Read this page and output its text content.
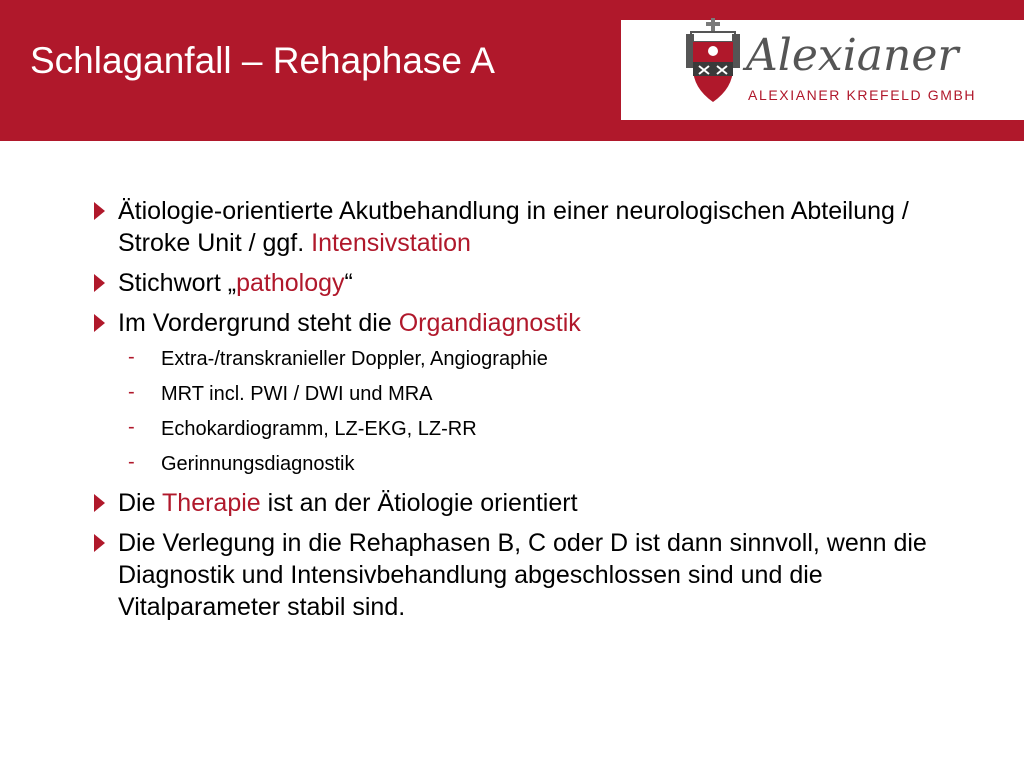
Schlaganfall – Rehaphase A	Alexianer
ALEXIANER KREFELD GMBH
Ätiologie-orientierte Akutbehandlung in einer neurologischen Abteilung / Stroke Unit / ggf. Intensivstation
Stichwort „pathology“
Im Vordergrund steht die Organdiagnostik
- Extra-/transkranieller Doppler, Angiographie
- MRT incl. PWI / DWI und MRA
- Echokardiogramm, LZ-EKG, LZ-RR
- Gerinnungsdiagnostik
Die Therapie ist an der Ätiologie orientiert
Die Verlegung in die Rehaphasen B, C oder D ist dann sinnvoll, wenn die Diagnostik und Intensivbehandlung abgeschlossen sind und die Vitalparameter stabil sind.
